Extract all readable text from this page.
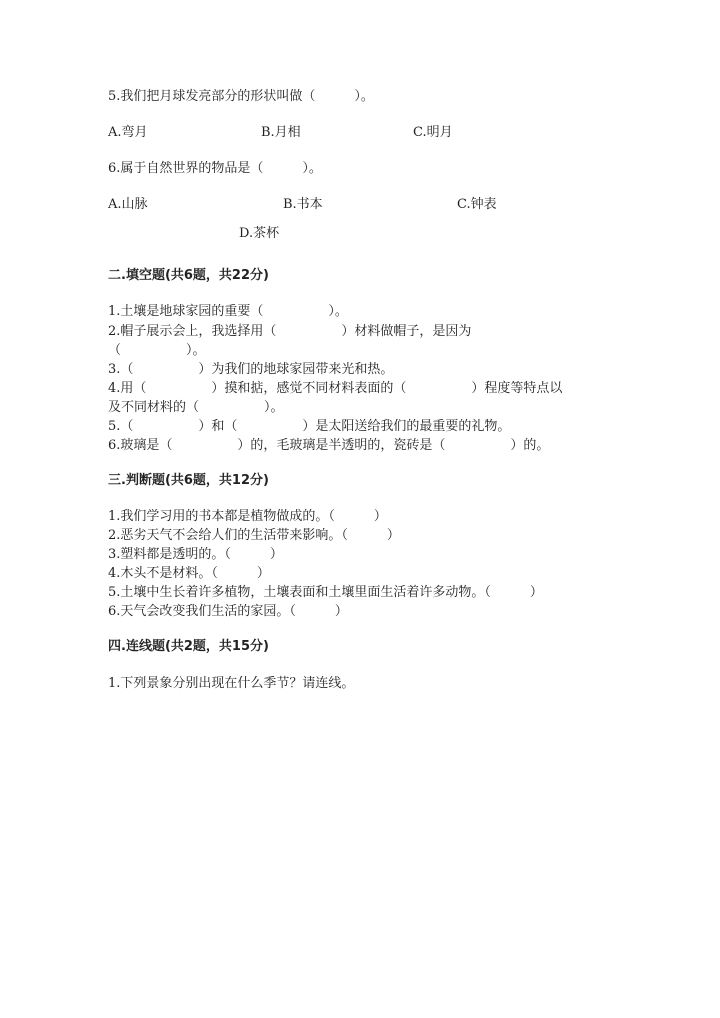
5.我们把月球发亮部分的形状叫做（　　　）。
A.弯月	B.月相	C.明月
6.属于自然世界的物品是（　　　）。
A.山脉	B.书本	C.钟表
D.茶杯
二.填空题(共6题，共22分)
1.土壤是地球家园的重要（　　　　　）。
2.帽子展示会上，我选择用（　　　　　）材料做帽子，是因为
（　　　　　）。
3.（　　　　　）为我们的地球家园带来光和热。
4.用（　　　　　）摸和掂，感觉不同材料表面的（　　　　　）程度等特点以
及不同材料的（　　　　　）。
5.（　　　　　）和（　　　　　）是太阳送给我们的最重要的礼物。
6.玻璃是（　　　　　）的，毛玻璃是半透明的，瓷砖是（　　　　　）的。
三.判断题(共6题，共12分)
1.我们学习用的书本都是植物做成的。（　　　）
2.恶劣天气不会给人们的生活带来影响。（　　　）
3.塑料都是透明的。（　　　）
4.木头不是材料。（　　　）
5.土壤中生长着许多植物，土壤表面和土壤里面生活着许多动物。（　　　）
6.天气会改变我们生活的家园。（　　　）
四.连线题(共2题，共15分)
1.下列景象分别出现在什么季节？请连线。
